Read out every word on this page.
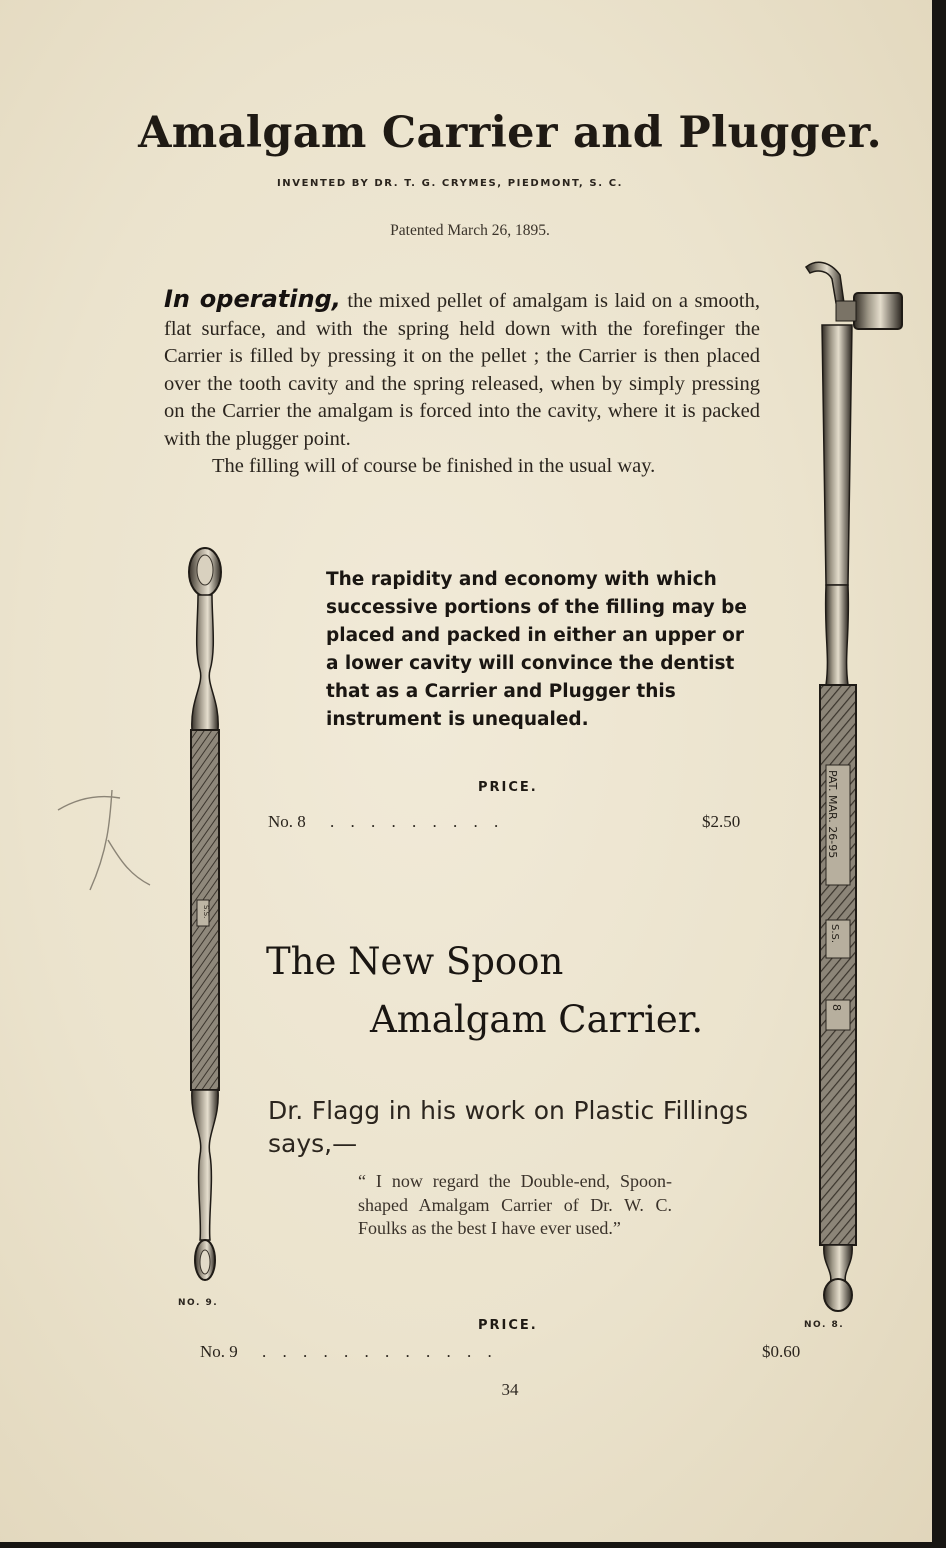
Amalgam Carrier and Plugger.
INVENTED BY DR. T. G. CRYMES, PIEDMONT, S. C.
Patented March 26, 1895.
In operating, the mixed pellet of amalgam is laid on a smooth, flat surface, and with the spring held down with the forefinger the Carrier is filled by pressing it on the pellet ; the Carrier is then placed over the tooth cavity and the spring released, when by simply pressing on the Carrier the amalgam is forced into the cavity, where it is packed with the plugger point.
The filling will of course be finished in the usual way.
The rapidity and economy with which successive portions of the filling may be placed and packed in either an upper or a lower cavity will convince the dentist that as a Carrier and Plugger this instrument is unequaled.
PRICE.
No. 8 . . . . . . . . .	$2.50
The New Spoon
Amalgam Carrier.
Dr. Flagg in his work on Plastic Fillings says,—
“ I now regard the Double-end, Spoon-shaped Amalgam Carrier of Dr. W. C. Foulks as the best I have ever used.”
PRICE.
No. 9 . . . . . . . . . . . .	$0.60
34
NO. 9.
NO. 8.
S.S.
PAT. MAR. 26-95
S.S.
8
